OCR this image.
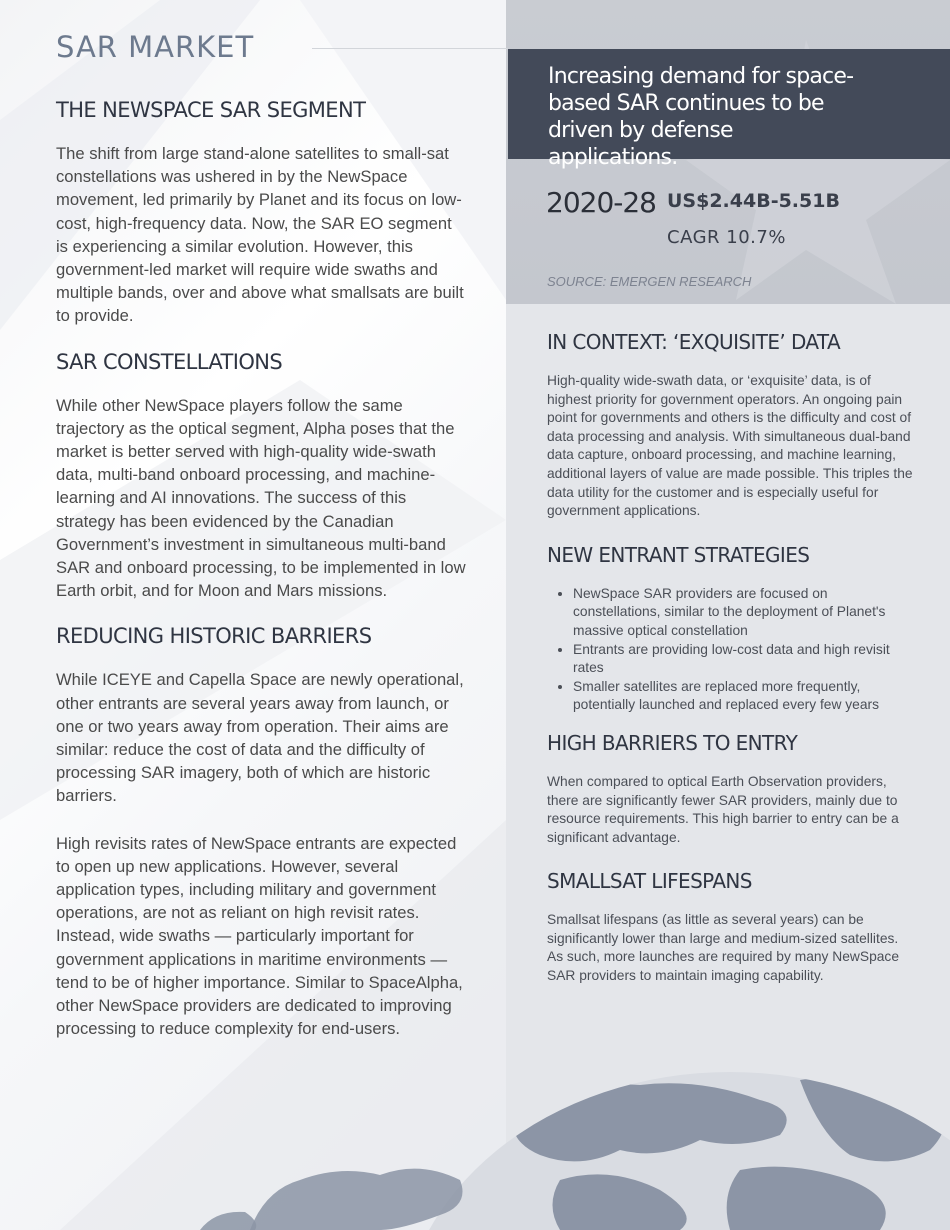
SAR MARKET
THE NEWSPACE SAR SEGMENT

The shift from large stand-alone satellites to small-sat constellations was ushered in by the NewSpace movement, led primarily by Planet and its focus on low-cost, high-frequency data. Now, the SAR EO segment is experiencing a similar evolution. However, this government-led market will require wide swaths and multiple bands, over and above what smallsats are built to provide.

SAR CONSTELLATIONS

While other NewSpace players follow the same trajectory as the optical segment, Alpha poses that the market is better served with high-quality wide-swath data, multi-band onboard processing, and machine-learning and AI innovations. The success of this strategy has been evidenced by the Canadian Government’s investment in simultaneous multi-band SAR and onboard processing, to be implemented in low Earth orbit, and for Moon and Mars missions.

REDUCING HISTORIC BARRIERS

While ICEYE and Capella Space are newly operational, other entrants are several years away from launch, or one or two years away from operation. Their aims are similar: reduce the cost of data and the difficulty of processing SAR imagery, both of which are historic barriers.

High revisits rates of NewSpace entrants are expected to open up new applications. However, several application types, including military and government operations, are not as reliant on high revisit rates. Instead, wide swaths — particularly important for government applications in maritime environments — tend to be of higher importance. Similar to SpaceAlpha, other NewSpace providers are dedicated to improving processing to reduce complexity for end-users.

Increasing demand for space-based SAR continues to be driven by defense applications.

2020-28 US$2.44B-5.51B

CAGR 10.7%

SOURCE: EMERGEN RESEARCH

IN CONTEXT: ‘EXQUISITE’ DATA

High-quality wide-swath data, or ‘exquisite’ data, is of highest priority for government operators. An ongoing pain point for governments and others is the difficulty and cost of data processing and analysis. With simultaneous dual-band data capture, onboard processing, and machine learning, additional layers of value are made possible. This triples the data utility for the customer and is especially useful for government applications.

NEW ENTRANT STRATEGIES
• NewSpace SAR providers are focused on constellations, similar to the deployment of Planet's massive optical constellation
• Entrants are providing low-cost data and high revisit rates
• Smaller satellites are replaced more frequently, potentially launched and replaced every few years
HIGH BARRIERS TO ENTRY

When compared to optical Earth Observation providers, there are significantly fewer SAR providers, mainly due to resource requirements. This high barrier to entry can be a significant advantage.

SMALLSAT LIFESPANS

Smallsat lifespans (as little as several years) can be significantly lower than large and medium-sized satellites. As such, more launches are required by many NewSpace SAR providers to maintain imaging capability.
